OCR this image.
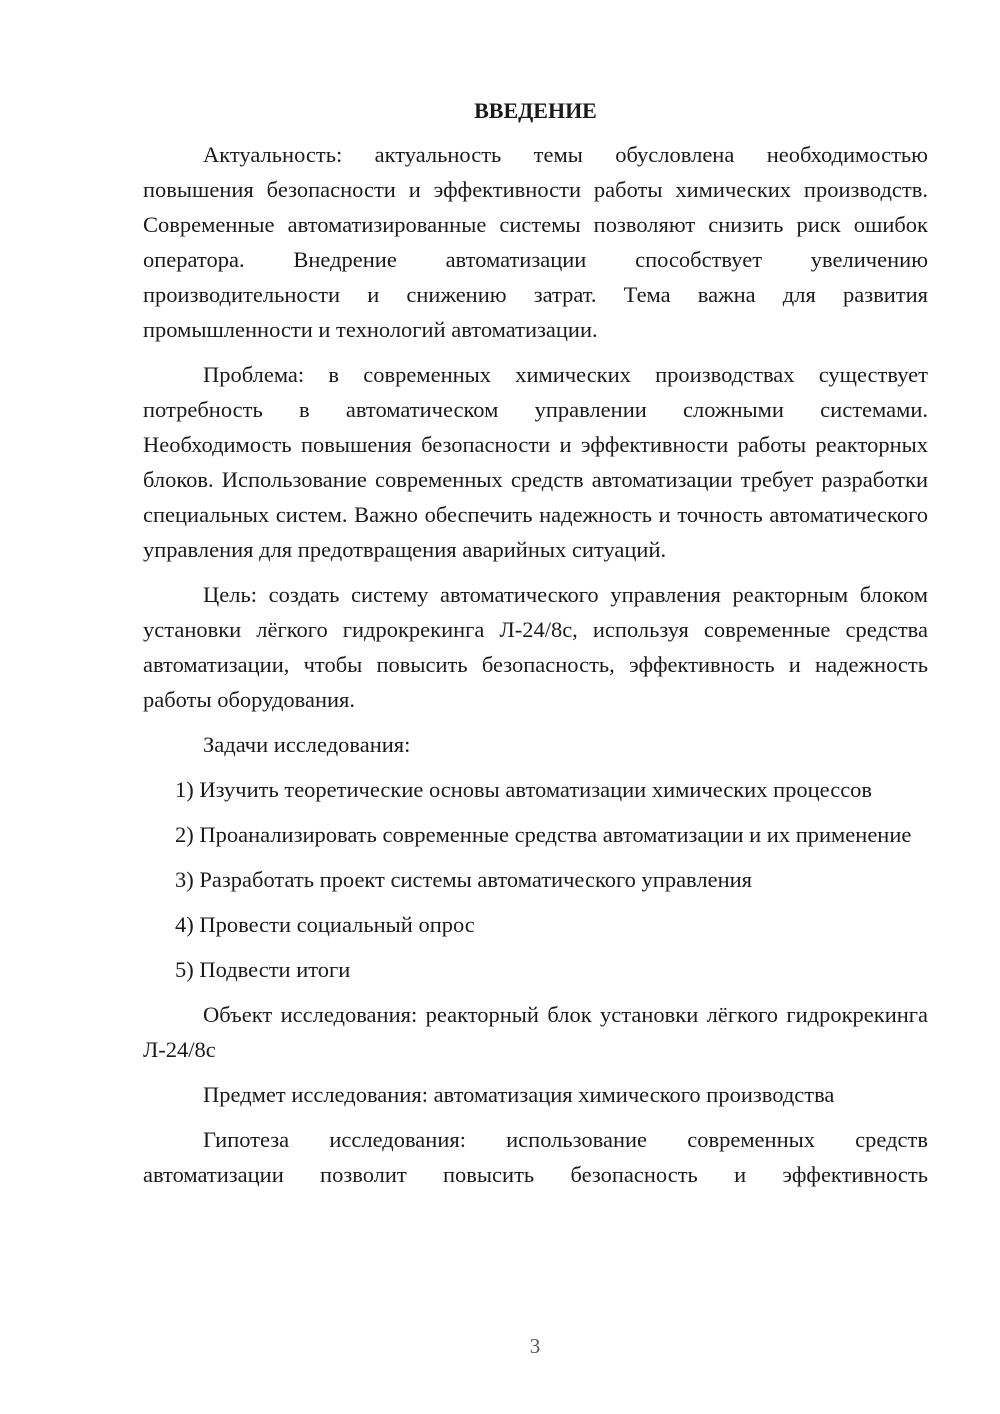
ВВЕДЕНИЕ

Актуальность: актуальность темы обусловлена необходимостью повышения безопасности и эффективности работы химических производств. Современные автоматизированные системы позволяют снизить риск ошибок оператора. Внедрение автоматизации способствует увеличению производительности и снижению затрат. Тема важна для развития промышленности и технологий автоматизации.

Проблема: в современных химических производствах существует потребность в автоматическом управлении сложными системами. Необходимость повышения безопасности и эффективности работы реакторных блоков. Использование современных средств автоматизации требует разработки специальных систем. Важно обеспечить надежность и точность автоматического управления для предотвращения аварийных ситуаций.

Цель: создать систему автоматического управления реакторным блоком установки лёгкого гидрокрекинга Л-24/8с, используя современные средства автоматизации, чтобы повысить безопасность, эффективность и надежность работы оборудования.

Задачи исследования:

1) Изучить теоретические основы автоматизации химических процессов

2) Проанализировать современные средства автоматизации и их применение

3) Разработать проект системы автоматического управления

4) Провести социальный опрос

5) Подвести итоги

Объект исследования: реакторный блок установки лёгкого гидрокрекинга Л-24/8с

Предмет исследования: автоматизация химического производства

Гипотеза исследования: использование современных средств автоматизации позволит повысить безопасность и эффективность

3
